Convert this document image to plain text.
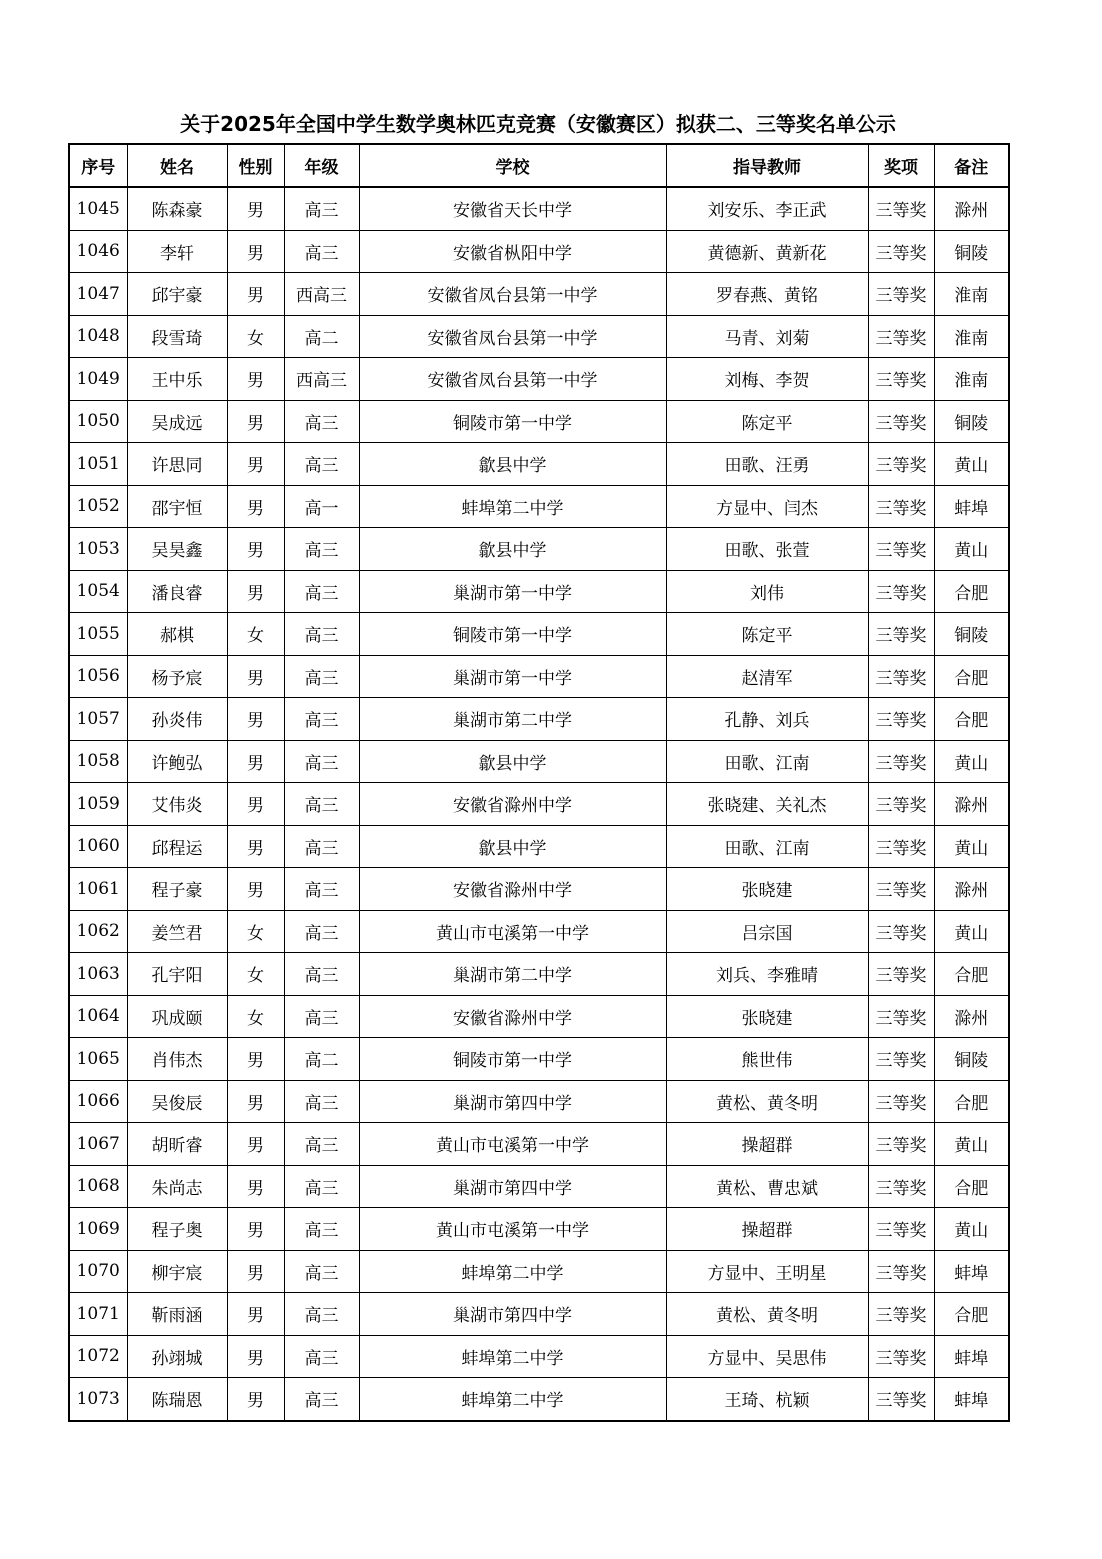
关于2025年全国中学生数学奥林匹克竞赛（安徽赛区）拟获二、三等奖名单公示
序号	姓名	性别	年级	学校	指导教师	奖项	备注
1045	陈森豪	男	高三	安徽省天长中学	刘安乐、李正武	三等奖	滁州
1046	李轩	男	高三	安徽省枞阳中学	黄德新、黄新花	三等奖	铜陵
1047	邱宇豪	男	西高三	安徽省凤台县第一中学	罗春燕、黄铭	三等奖	淮南
1048	段雪琦	女	高二	安徽省凤台县第一中学	马青、刘菊	三等奖	淮南
1049	王中乐	男	西高三	安徽省凤台县第一中学	刘梅、李贺	三等奖	淮南
1050	吴成远	男	高三	铜陵市第一中学	陈定平	三等奖	铜陵
1051	许思同	男	高三	歙县中学	田歌、汪勇	三等奖	黄山
1052	邵宇恒	男	高一	蚌埠第二中学	方显中、闫杰	三等奖	蚌埠
1053	吴昊鑫	男	高三	歙县中学	田歌、张萱	三等奖	黄山
1054	潘良睿	男	高三	巢湖市第一中学	刘伟	三等奖	合肥
1055	郝棋	女	高三	铜陵市第一中学	陈定平	三等奖	铜陵
1056	杨予宸	男	高三	巢湖市第一中学	赵清军	三等奖	合肥
1057	孙炎伟	男	高三	巢湖市第二中学	孔静、刘兵	三等奖	合肥
1058	许鲍弘	男	高三	歙县中学	田歌、江南	三等奖	黄山
1059	艾伟炎	男	高三	安徽省滁州中学	张晓建、关礼杰	三等奖	滁州
1060	邱程运	男	高三	歙县中学	田歌、江南	三等奖	黄山
1061	程子豪	男	高三	安徽省滁州中学	张晓建	三等奖	滁州
1062	姜竺君	女	高三	黄山市屯溪第一中学	吕宗国	三等奖	黄山
1063	孔宇阳	女	高三	巢湖市第二中学	刘兵、李雅晴	三等奖	合肥
1064	巩成颐	女	高三	安徽省滁州中学	张晓建	三等奖	滁州
1065	肖伟杰	男	高二	铜陵市第一中学	熊世伟	三等奖	铜陵
1066	吴俊辰	男	高三	巢湖市第四中学	黄松、黄冬明	三等奖	合肥
1067	胡昕睿	男	高三	黄山市屯溪第一中学	操超群	三等奖	黄山
1068	朱尚志	男	高三	巢湖市第四中学	黄松、曹忠斌	三等奖	合肥
1069	程子奥	男	高三	黄山市屯溪第一中学	操超群	三等奖	黄山
1070	柳宇宸	男	高三	蚌埠第二中学	方显中、王明星	三等奖	蚌埠
1071	靳雨涵	男	高三	巢湖市第四中学	黄松、黄冬明	三等奖	合肥
1072	孙翊城	男	高三	蚌埠第二中学	方显中、吴思伟	三等奖	蚌埠
1073	陈瑞恩	男	高三	蚌埠第二中学	王琦、杭颖	三等奖	蚌埠
